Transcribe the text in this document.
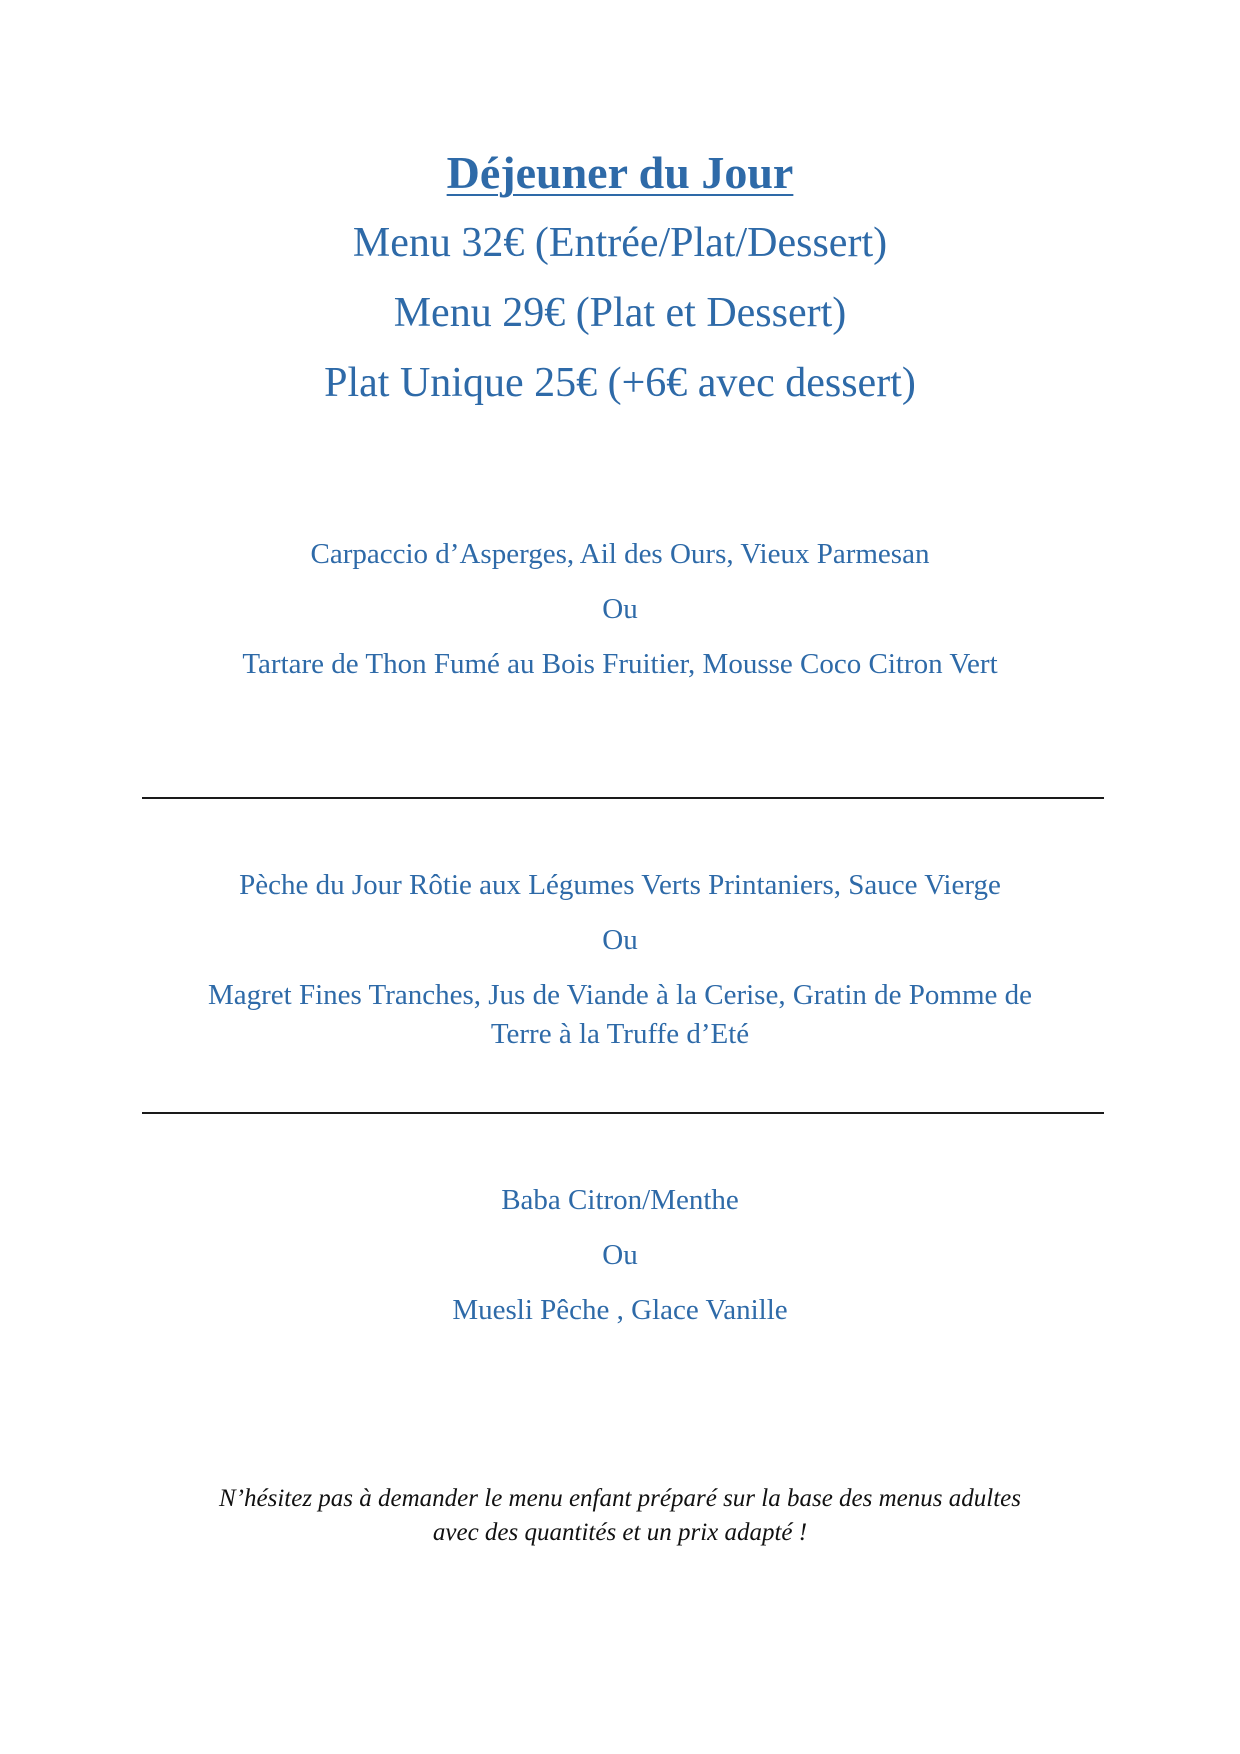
Déjeuner du Jour

Menu 32€ (Entrée/Plat/Dessert)

Menu 29€ (Plat et Dessert)

Plat Unique 25€ (+6€ avec dessert)

Carpaccio d’Asperges, Ail des Ours, Vieux Parmesan

Ou

Tartare de Thon Fumé au Bois Fruitier, Mousse Coco Citron Vert

Pèche du Jour Rôtie aux Légumes Verts Printaniers, Sauce Vierge

Ou

Magret Fines Tranches, Jus de Viande à la Cerise, Gratin de Pomme de
Terre à la Truffe d’Eté

Baba Citron/Menthe

Ou

Muesli Pêche , Glace Vanille

N’hésitez pas à demander le menu enfant préparé sur la base des menus adultes
avec des quantités et un prix adapté !
